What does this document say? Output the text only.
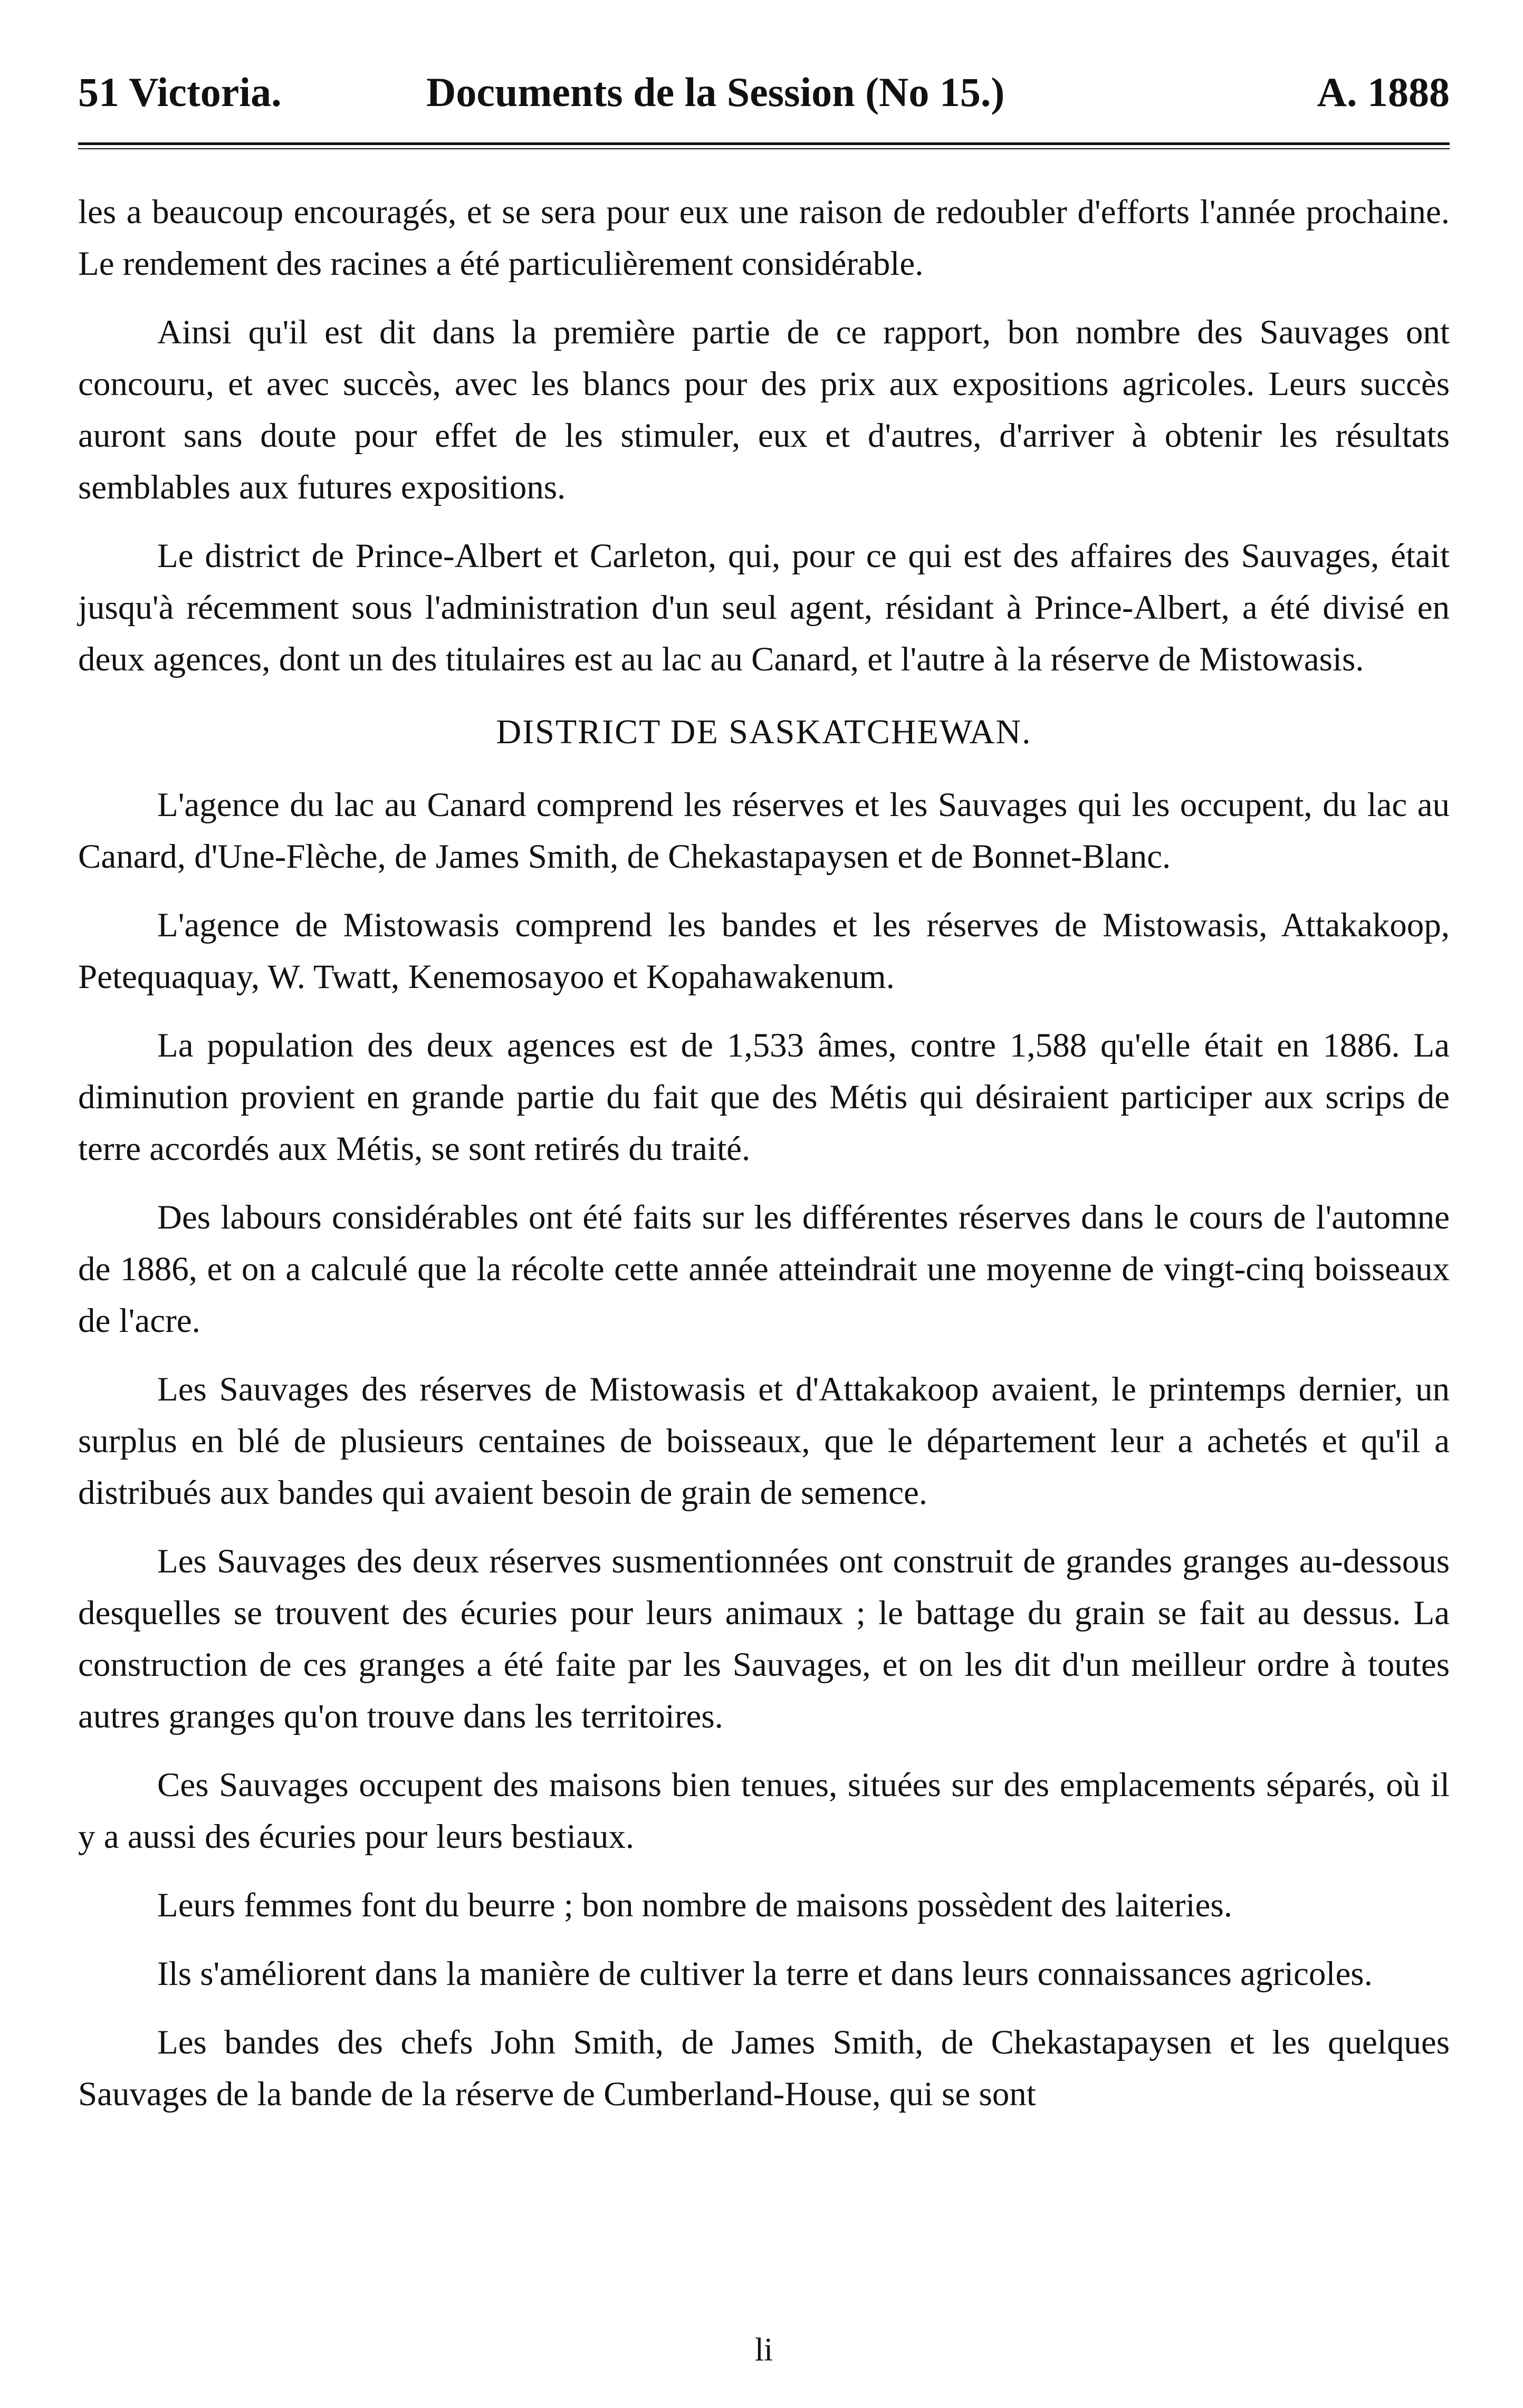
51 Victoria.	Documents de la Session (No 15.)	A. 1888

les a beaucoup encouragés, et se sera pour eux une raison de redoubler d'efforts l'année prochaine. Le rendement des racines a été particulièrement considérable.

Ainsi qu'il est dit dans la première partie de ce rapport, bon nombre des Sauvages ont concouru, et avec succès, avec les blancs pour des prix aux expositions agricoles. Leurs succès auront sans doute pour effet de les stimuler, eux et d'autres, d'arriver à obtenir les résultats semblables aux futures expositions.

Le district de Prince-Albert et Carleton, qui, pour ce qui est des affaires des Sauvages, était jusqu'à récemment sous l'administration d'un seul agent, résidant à Prince-Albert, a été divisé en deux agences, dont un des titulaires est au lac au Canard, et l'autre à la réserve de Mistowasis.

DISTRICT DE SASKATCHEWAN.

L'agence du lac au Canard comprend les réserves et les Sauvages qui les occupent, du lac au Canard, d'Une-Flèche, de James Smith, de Chekastapaysen et de Bonnet-Blanc.

L'agence de Mistowasis comprend les bandes et les réserves de Mistowasis, Attakakoop, Petequaquay, W. Twatt, Kenemosayoo et Kopahawakenum.

La population des deux agences est de 1,533 âmes, contre 1,588 qu'elle était en 1886. La diminution provient en grande partie du fait que des Métis qui désiraient participer aux scrips de terre accordés aux Métis, se sont retirés du traité.

Des labours considérables ont été faits sur les différentes réserves dans le cours de l'automne de 1886, et on a calculé que la récolte cette année atteindrait une moyenne de vingt-cinq boisseaux de l'acre.

Les Sauvages des réserves de Mistowasis et d'Attakakoop avaient, le printemps dernier, un surplus en blé de plusieurs centaines de boisseaux, que le département leur a achetés et qu'il a distribués aux bandes qui avaient besoin de grain de semence.

Les Sauvages des deux réserves susmentionnées ont construit de grandes granges au-dessous desquelles se trouvent des écuries pour leurs animaux ; le battage du grain se fait au dessus. La construction de ces granges a été faite par les Sauvages, et on les dit d'un meilleur ordre à toutes autres granges qu'on trouve dans les territoires.

Ces Sauvages occupent des maisons bien tenues, situées sur des emplacements séparés, où il y a aussi des écuries pour leurs bestiaux.

Leurs femmes font du beurre ; bon nombre de maisons possèdent des laiteries.

Ils s'améliorent dans la manière de cultiver la terre et dans leurs connaissances agricoles.

Les bandes des chefs John Smith, de James Smith, de Chekastapaysen et les quelques Sauvages de la bande de la réserve de Cumberland-House, qui se sont

li
